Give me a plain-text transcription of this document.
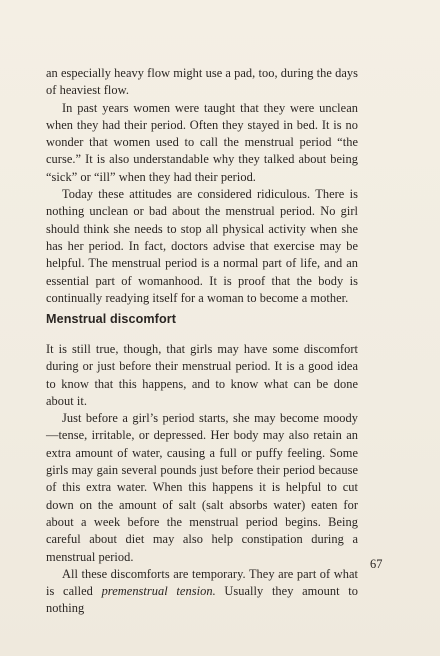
an especially heavy flow might use a pad, too, during the days of heaviest flow.

In past years women were taught that they were unclean when they had their period. Often they stayed in bed. It is no wonder that women used to call the menstrual period “the curse.” It is also understandable why they talked about being “sick” or “ill” when they had their period.

Today these attitudes are considered ridiculous. There is nothing unclean or bad about the menstrual period. No girl should think she needs to stop all physical activity when she has her period. In fact, doctors advise that exercise may be helpful. The menstrual period is a normal part of life, and an essential part of womanhood. It is proof that the body is continually readying itself for a woman to become a mother.

Menstrual discomfort

It is still true, though, that girls may have some discomfort during or just before their menstrual period. It is a good idea to know that this happens, and to know what can be done about it.

Just before a girl’s period starts, she may become moody—tense, irritable, or depressed. Her body may also retain an extra amount of water, causing a full or puffy feeling. Some girls may gain several pounds just before their period because of this extra water. When this happens it is helpful to cut down on the amount of salt (salt absorbs water) eaten for about a week before the menstrual period begins. Being careful about diet may also help constipation during a menstrual period.

All these discomforts are temporary. They are part of what is called premenstrual tension. Usually they amount to nothing

67
